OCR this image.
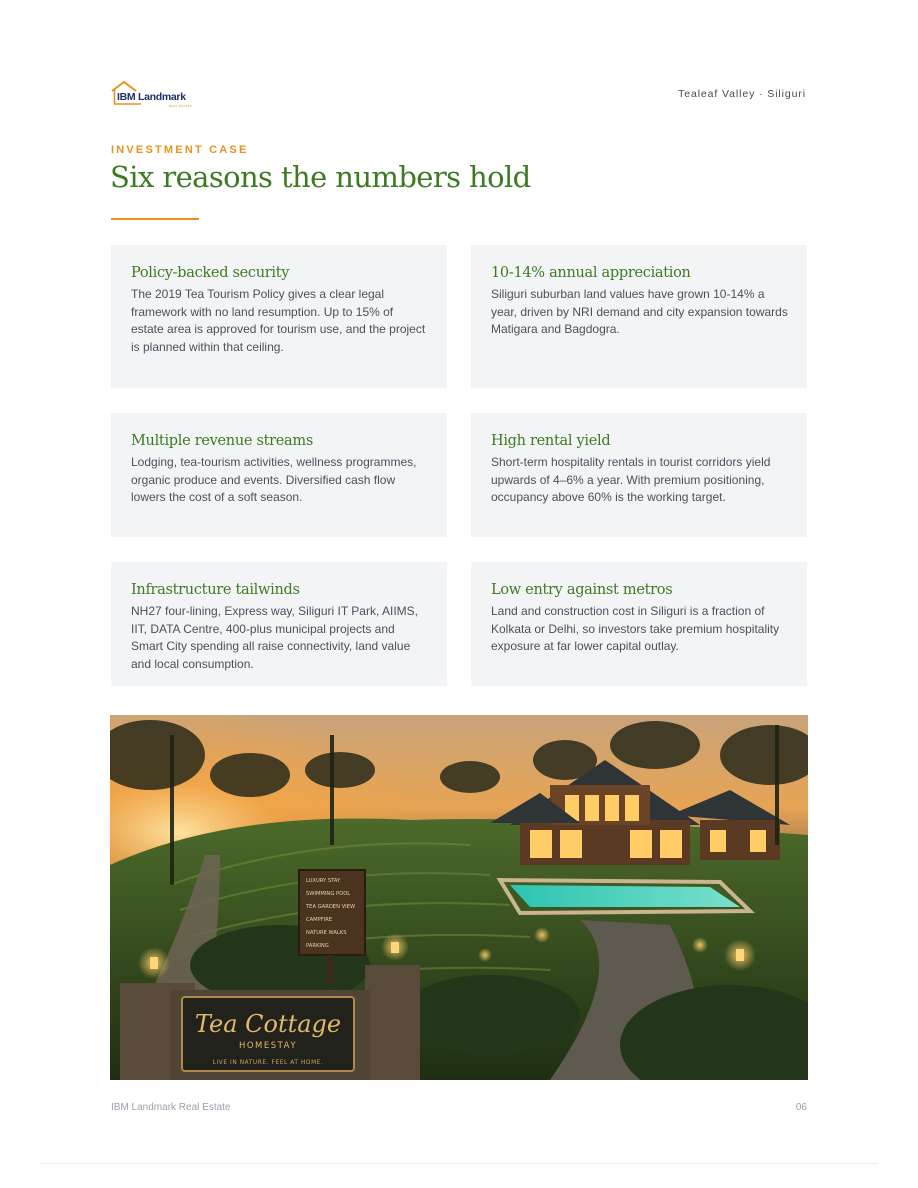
IBM Landmark
REAL ESTATE
Tealeaf Valley · Siliguri
INVESTMENT CASE
Six reasons the numbers hold
Policy-backed security

The 2019 Tea Tourism Policy gives a clear legal framework with no land resumption. Up to 15% of estate area is approved for tourism use, and the project is planned within that ceiling.

10-14% annual appreciation

Siliguri suburban land values have grown 10-14% a year, driven by NRI demand and city expansion towards Matigara and Bagdogra.

Multiple revenue streams

Lodging, tea-tourism activities, wellness programmes, organic produce and events. Diversified cash flow lowers the cost of a soft season.

High rental yield

Short-term hospitality rentals in tourist corridors yield upwards of 4–6% a year. With premium positioning, occupancy above 60% is the working target.

Infrastructure tailwinds

NH27 four-lining, Express way, Siliguri IT Park, AIIMS, IIT, DATA Centre, 400-plus municipal projects and Smart City spending all raise connectivity, land value and local consumption.

Low entry against metros

Land and construction cost in Siliguri is a fraction of Kolkata or Delhi, so investors take premium hospitality exposure at far lower capital outlay.

LUXURY STAY
SWIMMING POOL
TEA GARDEN VIEW
CAMPFIRE
NATURE WALKS
PARKING
Tea Cottage
HOMESTAY
LIVE IN NATURE. FEEL AT HOME.
IBM Landmark Real Estate	06
